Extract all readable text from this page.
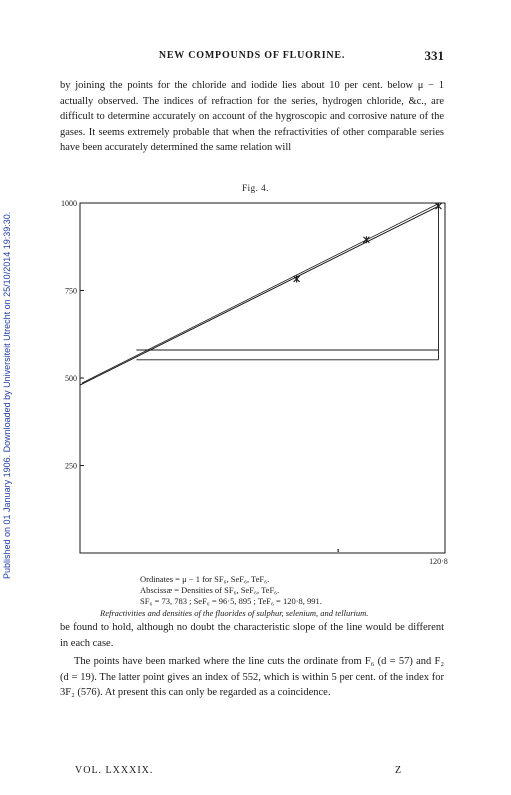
Published on 01 January 1906. Downloaded by Universiteit Utrecht on 25/10/2014 19:39:30.
NEW COMPOUNDS OF FLUORINE.	331
by joining the points for the chloride and iodide lies about 10 per cent. below μ − 1 actually observed. The indices of refraction for the series, hydrogen chloride, &c., are difficult to determine accurately on account of the hygroscopic and corrosive nature of the gases. It seems extremely probable that when the refractivities of other comparable series have been accurately determined the same relation will
Fig. 4.
250
500
750
1000
120·8
Ordinates = μ − 1 for SF₆, SeF₆, TeF₆.
Abscissæ = Densities of SF₆, SeF₆, TeF₆.
SF₆ = 73, 783 ; SeF₆ = 96·5, 895 ; TeF₆ = 120·8, 991.
Refractivities and densities of the fluorides of sulphur, selenium, and tellurium.
be found to hold, although no doubt the characteristic slope of the line would be different in each case.
The points have been marked where the line cuts the ordinate from F₆ (d = 57) and F₂ (d = 19). The latter point gives an index of 552, which is within 5 per cent. of the index for 3F₂ (576). At present this can only be regarded as a coincidence.
VOL. LXXXIX.	Z
